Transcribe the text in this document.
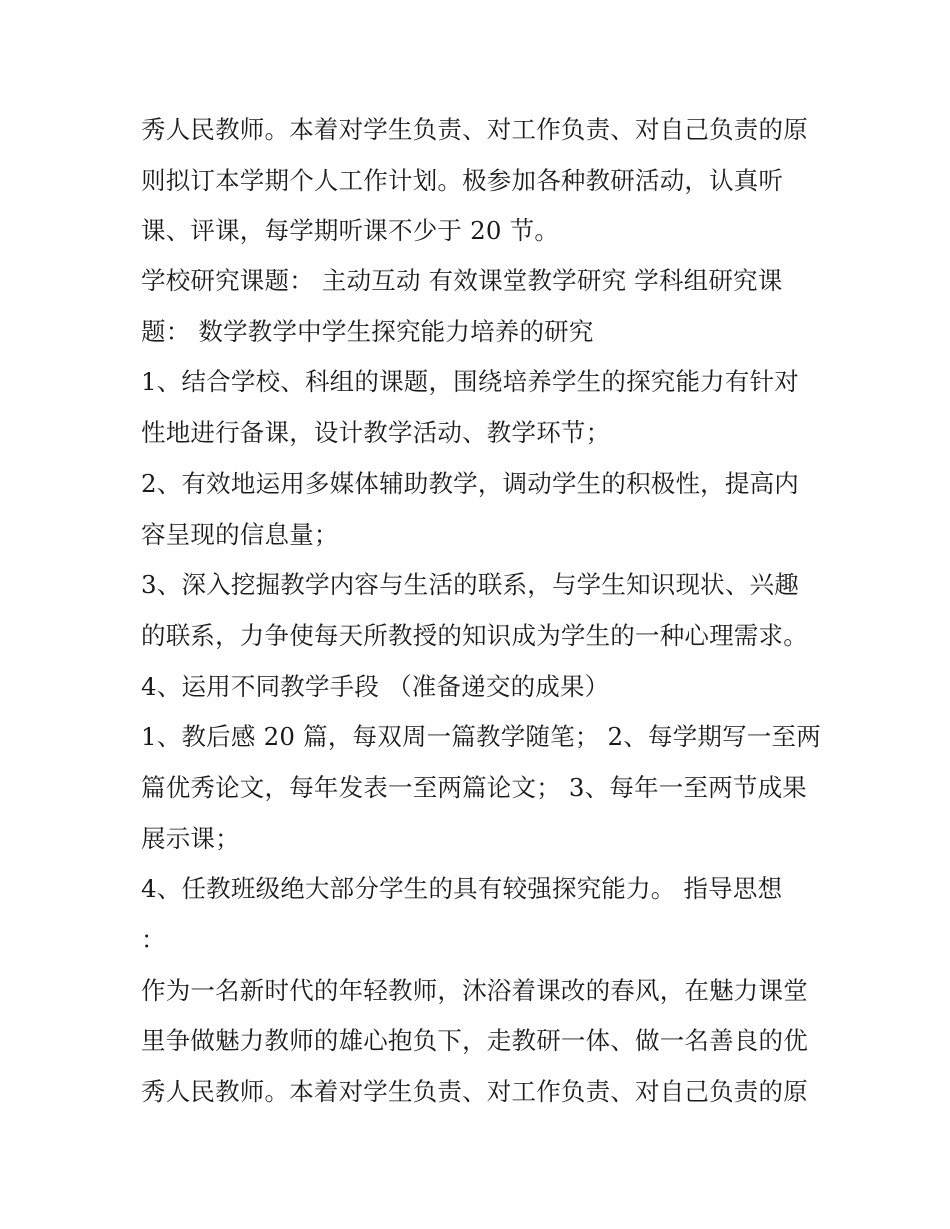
秀人民教师。本着对学生负责、对工作负责、对自己负责的原
则拟订本学期个人工作计划。极参加各种教研活动，认真听
课、评课，每学期听课不少于 20 节。
学校研究课题： 主动互动 有效课堂教学研究 学科组研究课
题： 数学教学中学生探究能力培养的研究
1、结合学校、科组的课题，围绕培养学生的探究能力有针对
性地进行备课，设计教学活动、教学环节；
2、有效地运用多媒体辅助教学，调动学生的积极性，提高内
容呈现的信息量；
3、深入挖掘教学内容与生活的联系，与学生知识现状、兴趣
的联系，力争使每天所教授的知识成为学生的一种心理需求。
4、运用不同教学手段 （准备递交的成果）
1、教后感 20 篇，每双周一篇教学随笔； 2、每学期写一至两
篇优秀论文，每年发表一至两篇论文； 3、每年一至两节成果
展示课；
4、任教班级绝大部分学生的具有较强探究能力。 指导思想
：
作为一名新时代的年轻教师，沐浴着课改的春风，在魅力课堂
里争做魅力教师的雄心抱负下，走教研一体、做一名善良的优
秀人民教师。本着对学生负责、对工作负责、对自己负责的原
